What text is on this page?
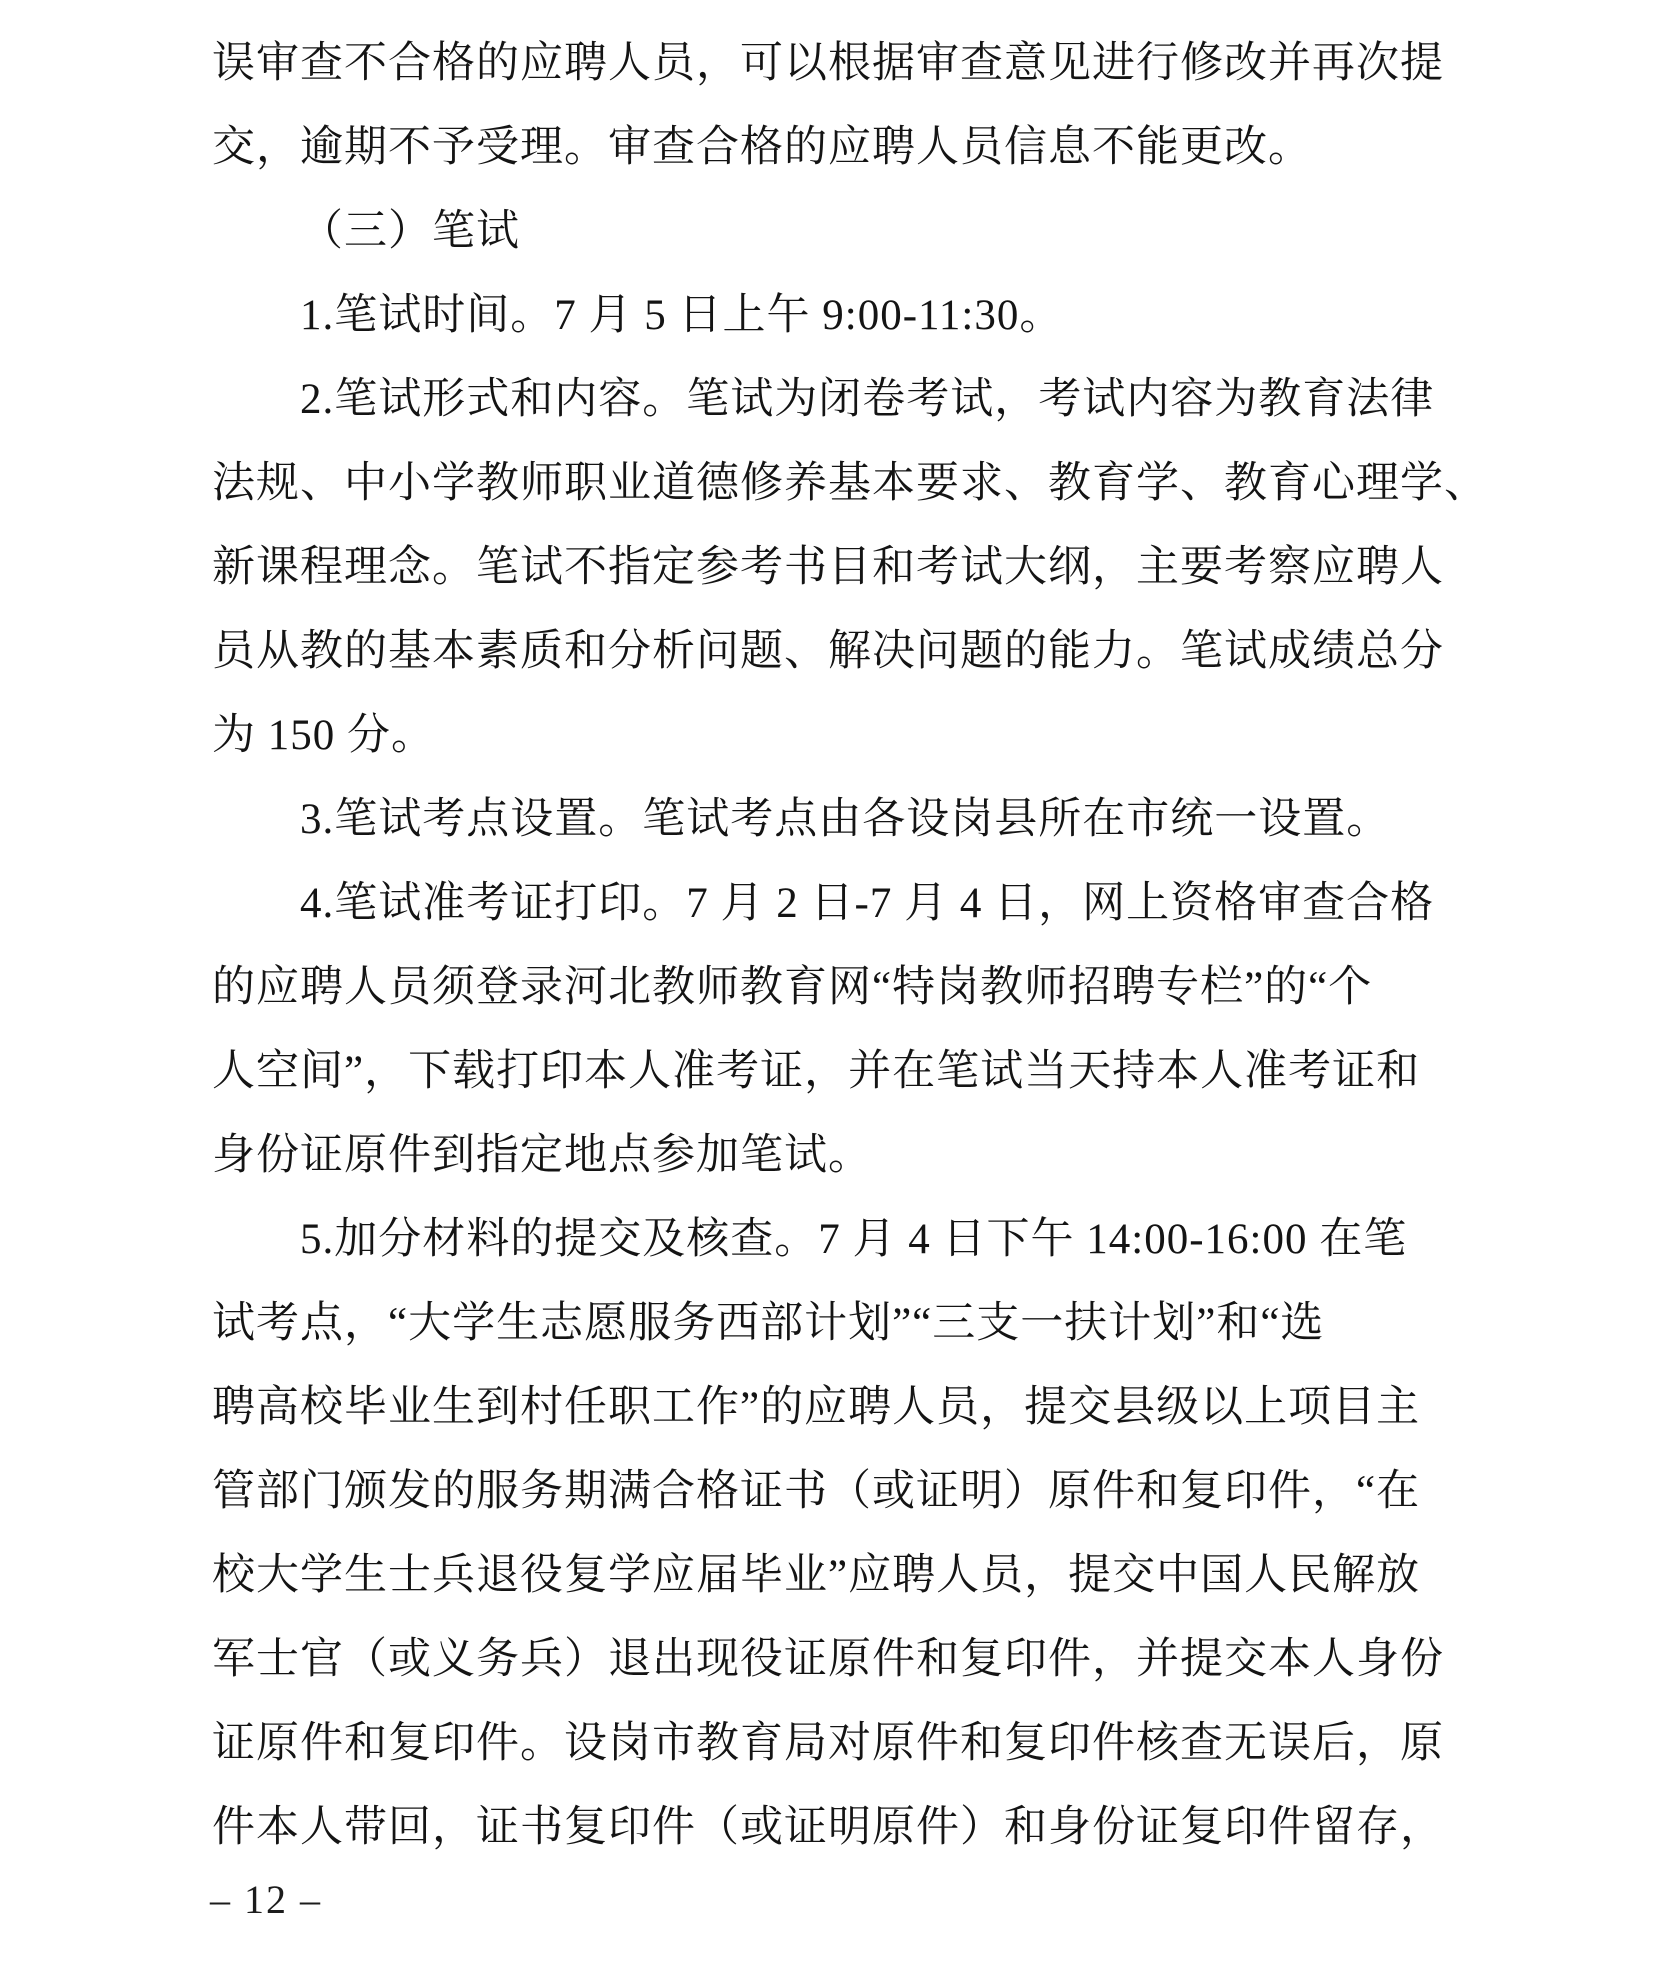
误审查不合格的应聘人员，可以根据审查意见进行修改并再次提
交，逾期不予受理。审查合格的应聘人员信息不能更改。
（三）笔试
1.笔试时间。7 月 5 日上午 9:00-11:30。
2.笔试形式和内容。笔试为闭卷考试，考试内容为教育法律
法规、中小学教师职业道德修养基本要求、教育学、教育心理学、
新课程理念。笔试不指定参考书目和考试大纲，主要考察应聘人
员从教的基本素质和分析问题、解决问题的能力。笔试成绩总分
为 150 分。
3.笔试考点设置。笔试考点由各设岗县所在市统一设置。
4.笔试准考证打印。7 月 2 日-7 月 4 日，网上资格审查合格
的应聘人员须登录河北教师教育网“特岗教师招聘专栏”的“个
人空间”，下载打印本人准考证，并在笔试当天持本人准考证和
身份证原件到指定地点参加笔试。
5.加分材料的提交及核查。7 月 4 日下午 14:00-16:00 在笔
试考点，“大学生志愿服务西部计划”“三支一扶计划”和“选
聘高校毕业生到村任职工作”的应聘人员，提交县级以上项目主
管部门颁发的服务期满合格证书（或证明）原件和复印件，“在
校大学生士兵退役复学应届毕业”应聘人员，提交中国人民解放
军士官（或义务兵）退出现役证原件和复印件，并提交本人身份
证原件和复印件。设岗市教育局对原件和复印件核查无误后，原
件本人带回，证书复印件（或证明原件）和身份证复印件留存，
– 12 –
